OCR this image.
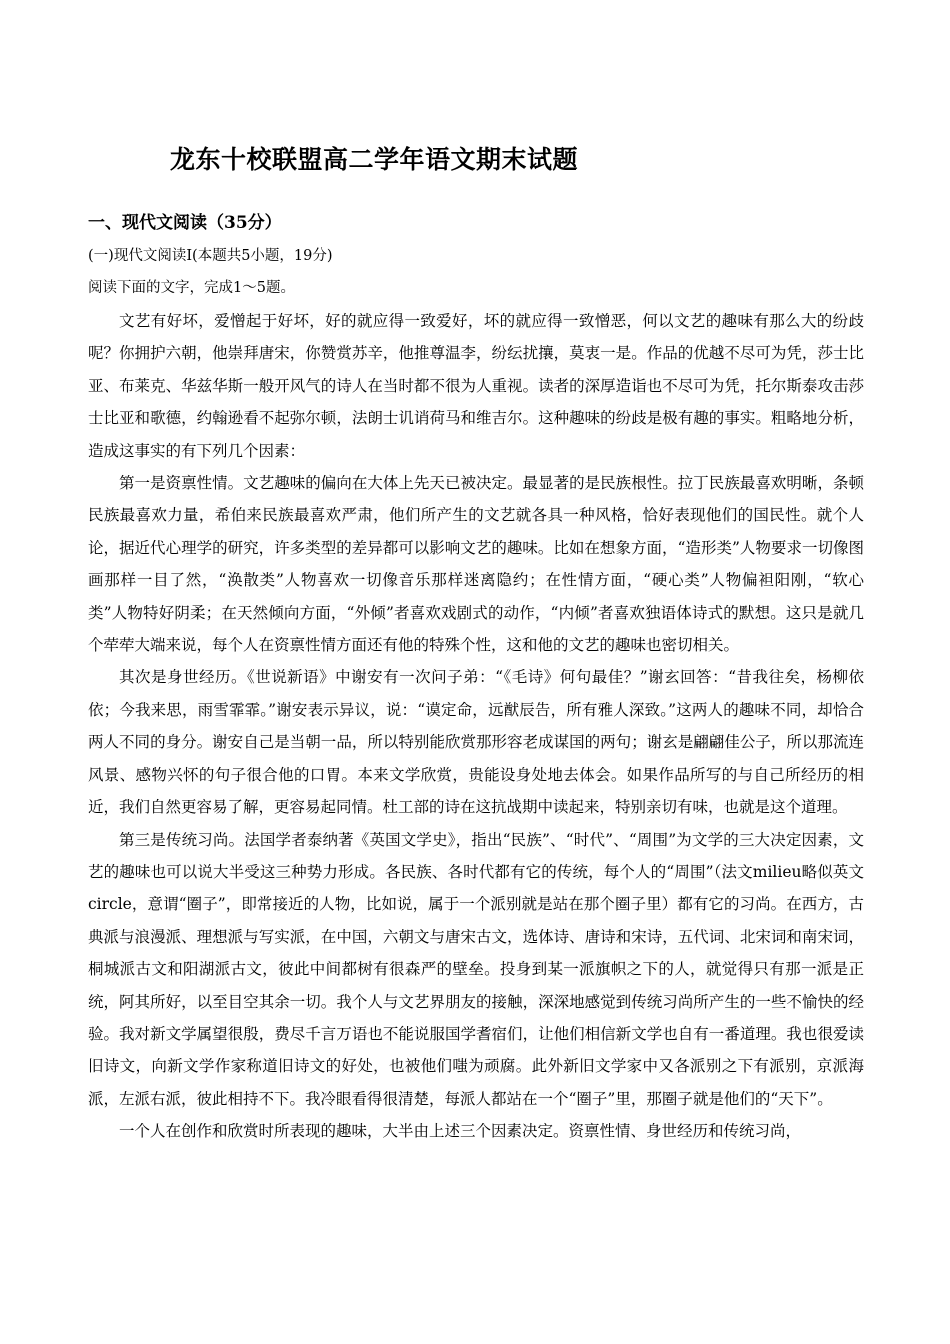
龙东十校联盟高二学年语文期末试题
一、现代文阅读（35分）
(一)现代文阅读Ⅰ(本题共5小题，19分)
阅读下面的文字，完成1～5题。

文艺有好坏，爱憎起于好坏，好的就应得一致爱好，坏的就应得一致憎恶，何以文艺的趣味有那么大的纷歧呢？你拥护六朝，他崇拜唐宋，你赞赏苏辛，他推尊温李，纷纭扰攘，莫衷一是。作品的优越不尽可为凭，莎士比亚、布莱克、华兹华斯一般开风气的诗人在当时都不很为人重视。读者的深厚造诣也不尽可为凭，托尔斯泰攻击莎士比亚和歌德，约翰逊看不起弥尔顿，法朗士讥诮荷马和维吉尔。这种趣味的纷歧是极有趣的事实。粗略地分析，造成这事实的有下列几个因素：

第一是资禀性情。文艺趣味的偏向在大体上先天已被决定。最显著的是民族根性。拉丁民族最喜欢明晰，条顿民族最喜欢力量，希伯来民族最喜欢严肃，他们所产生的文艺就各具一种风格，恰好表现他们的国民性。就个人论，据近代心理学的研究，许多类型的差异都可以影响文艺的趣味。比如在想象方面，“造形类”人物要求一切像图画那样一目了然，“涣散类”人物喜欢一切像音乐那样迷离隐约；在性情方面，“硬心类”人物偏袒阳刚，“软心类”人物特好阴柔；在天然倾向方面，“外倾”者喜欢戏剧式的动作，“内倾”者喜欢独语体诗式的默想。这只是就几个荦荦大端来说，每个人在资禀性情方面还有他的特殊个性，这和他的文艺的趣味也密切相关。

其次是身世经历。《世说新语》中谢安有一次问子弟：“《毛诗》何句最佳？”谢玄回答：“昔我往矣，杨柳依依；今我来思，雨雪霏霏。”谢安表示异议，说：“谟定命，远猷辰告，所有雅人深致。”这两人的趣味不同，却恰合两人不同的身分。谢安自己是当朝一品，所以特别能欣赏那形容老成谋国的两句；谢玄是翩翩佳公子，所以那流连风景、感物兴怀的句子很合他的口胃。本来文学欣赏，贵能设身处地去体会。如果作品所写的与自己所经历的相近，我们自然更容易了解，更容易起同情。杜工部的诗在这抗战期中读起来，特别亲切有味，也就是这个道理。

第三是传统习尚。法国学者泰纳著《英国文学史》，指出“民族”、“时代”、“周围”为文学的三大决定因素，文艺的趣味也可以说大半受这三种势力形成。各民族、各时代都有它的传统，每个人的“周围”（法文milieu略似英文circle，意谓“圈子”，即常接近的人物，比如说，属于一个派别就是站在那个圈子里）都有它的习尚。在西方，古典派与浪漫派、理想派与写实派，在中国，六朝文与唐宋古文，选体诗、唐诗和宋诗，五代词、北宋词和南宋词，桐城派古文和阳湖派古文，彼此中间都树有很森严的壁垒。投身到某一派旗帜之下的人，就觉得只有那一派是正统，阿其所好，以至目空其余一切。我个人与文艺界朋友的接触，深深地感觉到传统习尚所产生的一些不愉快的经验。我对新文学属望很殷，费尽千言万语也不能说服国学耆宿们，让他们相信新文学也自有一番道理。我也很爱读旧诗文，向新文学作家称道旧诗文的好处，也被他们嗤为顽腐。此外新旧文学家中又各派别之下有派别，京派海派，左派右派，彼此相持不下。我冷眼看得很清楚，每派人都站在一个“圈子”里，那圈子就是他们的“天下”。

一个人在创作和欣赏时所表现的趣味，大半由上述三个因素决定。资禀性情、身世经历和传统习尚，
